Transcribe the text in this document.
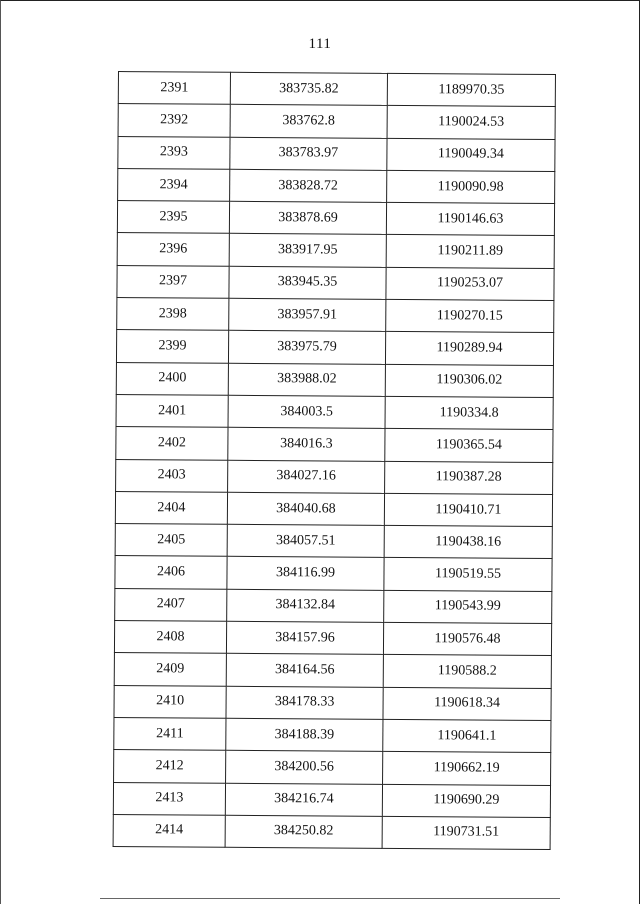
111
2391	383735.82	1189970.35
2392	383762.8	1190024.53
2393	383783.97	1190049.34
2394	383828.72	1190090.98
2395	383878.69	1190146.63
2396	383917.95	1190211.89
2397	383945.35	1190253.07
2398	383957.91	1190270.15
2399	383975.79	1190289.94
2400	383988.02	1190306.02
2401	384003.5	1190334.8
2402	384016.3	1190365.54
2403	384027.16	1190387.28
2404	384040.68	1190410.71
2405	384057.51	1190438.16
2406	384116.99	1190519.55
2407	384132.84	1190543.99
2408	384157.96	1190576.48
2409	384164.56	1190588.2
2410	384178.33	1190618.34
2411	384188.39	1190641.1
2412	384200.56	1190662.19
2413	384216.74	1190690.29
2414	384250.82	1190731.51
